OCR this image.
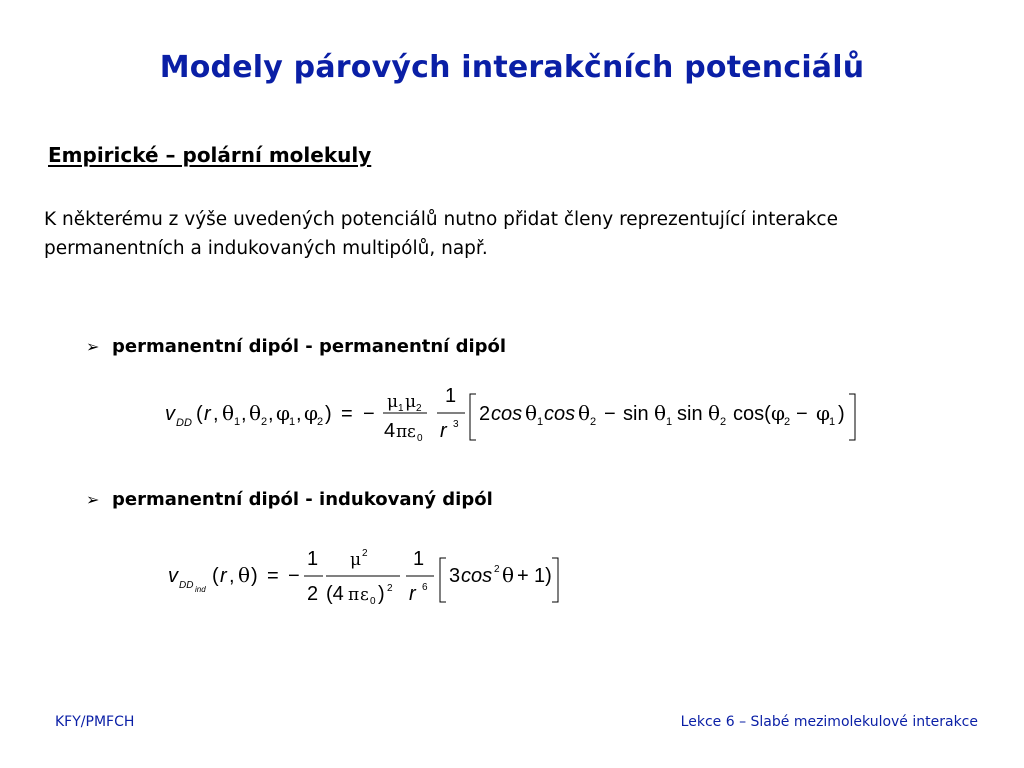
Modely párových interakčních potenciálů
Empirické – polární molekuly
K některému z výše uvedených potenciálů nutno přidat členy reprezentující interakce permanentních a indukovaných multipólů, např.
➢ permanentní dipól - permanentní dipól
v DD ( r , θ 1 , θ 2 , φ
1 , φ
2 ) = −
μ 1 μ 2
4 π ε 0
1
r 3 2 cos θ 1 cos θ 2 − sin θ 1 sin θ 2 cos( φ
2 − φ
1 )
➢ permanentní dipól - indukovaný dipól
v DD ind
( r , θ ) = −
1
2
μ 2
(4 π ε 0 ) 2
1
r 6
3 cos 2 θ + 1)
KFY/PMFCH	Lekce 6 – Slabé mezimolekulové interakce
